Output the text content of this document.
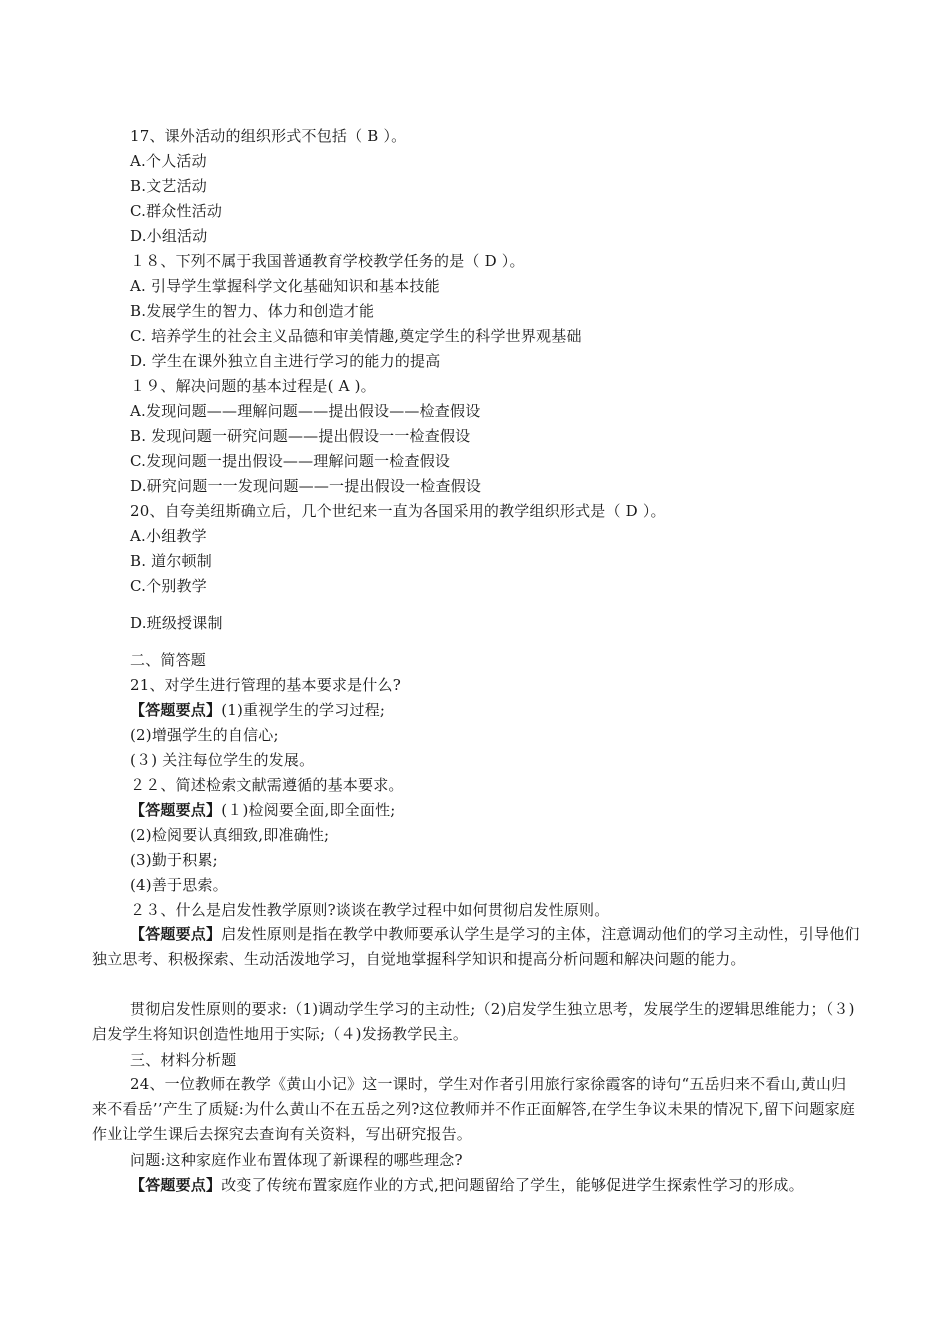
17、课外活动的组织形式不包括（ B ）。
A.个人活动
B.文艺活动
C.群众性活动
D.小组活动
１８、下列不属于我国普通教育学校教学任务的是（ D ）。
A. 引导学生掌握科学文化基础知识和基本技能
B.发展学生的智力、体力和创造才能
C. 培养学生的社会主义品德和审美情趣,奠定学生的科学世界观基础
D. 学生在课外独立自主进行学习的能力的提高
１９、解决问题的基本过程是( A )。
A.发现问题——理解问题——提出假设——检查假设
B. 发现问题一研究问题——提出假设一一检查假设
C.发现问题一提出假设——理解问题一检查假设
D.研究问题一一发现问题——一提出假设一检查假设
20、自夸美纽斯确立后，几个世纪来一直为各国采用的教学组织形式是（ D ）。
A.小组教学
B. 道尔顿制
C.个别教学
D.班级授课制
二、简答题
21、对学生进行管理的基本要求是什么?
【答题要点】(1)重视学生的学习过程;
(2)增强学生的自信心;
(３) 关注每位学生的发展。
２２、简述检索文献需遵循的基本要求。
【答题要点】(１)检阅要全面,即全面性;
(2)检阅要认真细致,即准确性;
(3)勤于积累;
(4)善于思索。
２３、什么是启发性教学原则?谈谈在教学过程中如何贯彻启发性原则。
【答题要点】启发性原则是指在教学中教师要承认学生是学习的主体，注意调动他们的学习主动性，引导他们独立思考、积极探索、生动活泼地学习，自觉地掌握科学知识和提高分析问题和解决问题的能力。
贯彻启发性原则的要求:（1)调动学生学习的主动性;（2)启发学生独立思考，发展学生的逻辑思维能力；（３)启发学生将知识创造性地用于实际;（４)发扬教学民主。
三、材料分析题
24、一位教师在教学《黄山小记》这一课时，学生对作者引用旅行家徐霞客的诗句“五岳归来不看山,黄山归来不看岳’’产生了质疑:为什么黄山不在五岳之列?这位教师并不作正面解答,在学生争议未果的情况下,留下问题家庭作业让学生课后去探究去查询有关资料，写出研究报告。
问题:这种家庭作业布置体现了新课程的哪些理念?
【答题要点】改变了传统布置家庭作业的方式,把问题留给了学生，能够促进学生探索性学习的形成。
